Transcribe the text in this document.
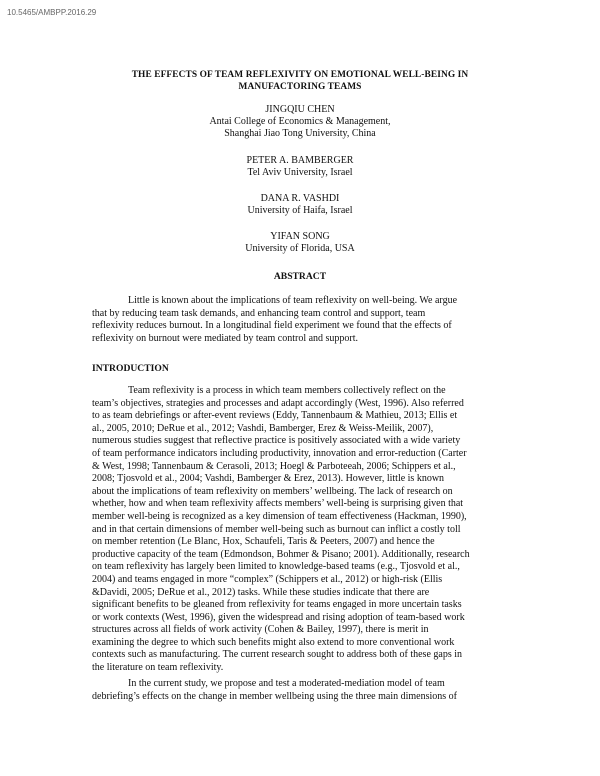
10.5465/AMBPP.2016.29
THE EFFECTS OF TEAM REFLEXIVITY ON EMOTIONAL WELL-BEING IN
MANUFACTORING TEAMS
JINGQIU CHEN
Antai College of Economics & Management,
Shanghai Jiao Tong University, China
PETER A. BAMBERGER
Tel Aviv University, Israel
DANA R. VASHDI
University of Haifa, Israel
YIFAN SONG
University of Florida, USA
ABSTRACT
Little is known about the implications of team reflexivity on well-being. We argue
that by reducing team task demands, and enhancing team control and support, team
reflexivity reduces burnout. In a longitudinal field experiment we found that the effects of
reflexivity on burnout were mediated by team control and support.
INTRODUCTION
Team reflexivity is a process in which team members collectively reflect on the
team’s objectives, strategies and processes and adapt accordingly (West, 1996). Also referred
to as team debriefings or after-event reviews (Eddy, Tannenbaum & Mathieu, 2013; Ellis et
al., 2005, 2010; DeRue et al., 2012; Vashdi, Bamberger, Erez & Weiss-Meilik, 2007),
numerous studies suggest that reflective practice is positively associated with a wide variety
of team performance indicators including productivity, innovation and error-reduction (Carter
& West, 1998; Tannenbaum & Cerasoli, 2013; Hoegl & Parboteeah, 2006; Schippers et al.,
2008; Tjosvold et al., 2004; Vashdi, Bamberger & Erez, 2013). However, little is known
about the implications of team reflexivity on members’ wellbeing. The lack of research on
whether, how and when team reflexivity affects members’ well-being is surprising given that
member well-being is recognized as a key dimension of team effectiveness (Hackman, 1990),
and in that certain dimensions of member well-being such as burnout can inflict a costly toll
on member retention (Le Blanc, Hox, Schaufeli, Taris & Peeters, 2007) and hence the
productive capacity of the team (Edmondson, Bohmer & Pisano; 2001). Additionally, research
on team reflexivity has largely been limited to knowledge-based teams (e.g., Tjosvold et al.,
2004) and teams engaged in more “complex” (Schippers et al., 2012) or high-risk (Ellis
&Davidi, 2005; DeRue et al., 2012) tasks. While these studies indicate that there are
significant benefits to be gleaned from reflexivity for teams engaged in more uncertain tasks
or work contexts (West, 1996), given the widespread and rising adoption of team-based work
structures across all fields of work activity (Cohen & Bailey, 1997), there is merit in
examining the degree to which such benefits might also extend to more conventional work
contexts such as manufacturing. The current research sought to address both of these gaps in
the literature on team reflexivity.
In the current study, we propose and test a moderated-mediation model of team
debriefing’s effects on the change in member wellbeing using the three main dimensions of
